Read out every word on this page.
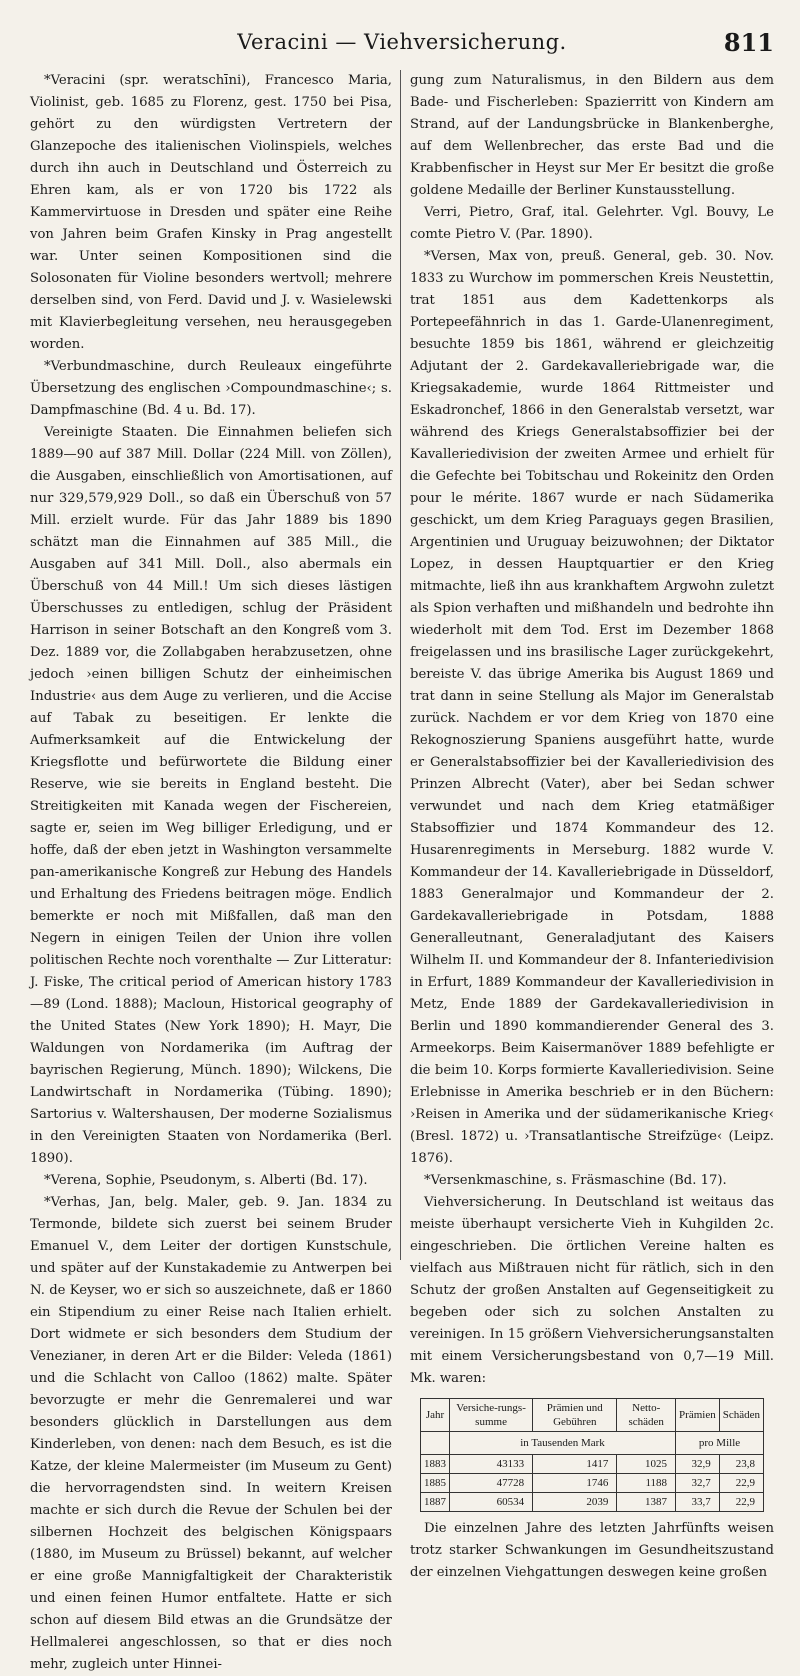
Veracini — Viehversicherung.	811

*Veracini (spr. weratschīni), Francesco Maria, Violinist, geb. 1685 zu Florenz, gest. 1750 bei Pisa, gehört zu den würdigsten Vertretern der Glanzepoche des italienischen Violinspiels, welches durch ihn auch in Deutschland und Österreich zu Ehren kam, als er von 1720 bis 1722 als Kammervirtuose in Dresden und später eine Reihe von Jahren beim Grafen Kinsky in Prag angestellt war. Unter seinen Kompositionen sind die Solosonaten für Violine besonders wertvoll; mehrere derselben sind, von Ferd. David und J. v. Wasielewski mit Klavierbegleitung versehen, neu herausgegeben worden.

*Verbundmaschine, durch Reuleaux eingeführte Übersetzung des englischen ›Compoundmaschine‹; s. Dampfmaschine (Bd. 4 u. Bd. 17).

Vereinigte Staaten. Die Einnahmen beliefen sich 1889—90 auf 387 Mill. Dollar (224 Mill. von Zöllen), die Ausgaben, einschließlich von Amortisationen, auf nur 329,579,929 Doll., so daß ein Überschuß von 57 Mill. erzielt wurde. Für das Jahr 1889 bis 1890 schätzt man die Einnahmen auf 385 Mill., die Ausgaben auf 341 Mill. Doll., also abermals ein Überschuß von 44 Mill.! Um sich dieses lästigen Überschusses zu entledigen, schlug der Präsident Harrison in seiner Botschaft an den Kongreß vom 3. Dez. 1889 vor, die Zollabgaben herabzusetzen, ohne jedoch ›einen billigen Schutz der einheimischen Industrie‹ aus dem Auge zu verlieren, und die Accise auf Tabak zu beseitigen. Er lenkte die Aufmerksamkeit auf die Entwickelung der Kriegsflotte und befürwortete die Bildung einer Reserve, wie sie bereits in England besteht. Die Streitigkeiten mit Kanada wegen der Fischereien, sagte er, seien im Weg billiger Erledigung, und er hoffe, daß der eben jetzt in Washington versammelte pan-amerikanische Kongreß zur Hebung des Handels und Erhaltung des Friedens beitragen möge. Endlich bemerkte er noch mit Mißfallen, daß man den Negern in einigen Teilen der Union ihre vollen politischen Rechte noch vorenthalte — Zur Litteratur: J. Fiske, The critical period of American history 1783—89 (Lond. 1888); Macloun, Historical geography of the United States (New York 1890); H. Mayr, Die Waldungen von Nordamerika (im Auftrag der bayrischen Regierung, Münch. 1890); Wilckens, Die Landwirtschaft in Nordamerika (Tübing. 1890); Sartorius v. Waltershausen, Der moderne Sozialismus in den Vereinigten Staaten von Nordamerika (Berl. 1890).

*Verena, Sophie, Pseudonym, s. Alberti (Bd. 17).

*Verhas, Jan, belg. Maler, geb. 9. Jan. 1834 zu Termonde, bildete sich zuerst bei seinem Bruder Emanuel V., dem Leiter der dortigen Kunstschule, und später auf der Kunstakademie zu Antwerpen bei N. de Keyser, wo er sich so auszeichnete, daß er 1860 ein Stipendium zu einer Reise nach Italien erhielt. Dort widmete er sich besonders dem Studium der Venezianer, in deren Art er die Bilder: Veleda (1861) und die Schlacht von Calloo (1862) malte. Später bevorzugte er mehr die Genremalerei und war besonders glücklich in Darstellungen aus dem Kinderleben, von denen: nach dem Besuch, es ist die Katze, der kleine Malermeister (im Museum zu Gent) die hervorragendsten sind. In weitern Kreisen machte er sich durch die Revue der Schulen bei der silbernen Hochzeit des belgischen Königspaars (1880, im Museum zu Brüssel) bekannt, auf welcher er eine große Mannigfaltigkeit der Charakteristik und einen feinen Humor entfaltete. Hatte er sich schon auf diesem Bild etwas an die Grundsätze der Hellmalerei angeschlossen, so that er dies noch mehr, zugleich unter Hinnei-

gung zum Naturalismus, in den Bildern aus dem Bade- und Fischerleben: Spazierritt von Kindern am Strand, auf der Landungsbrücke in Blankenberghe, auf dem Wellenbrecher, das erste Bad und die Krabbenfischer in Heyst sur Mer Er besitzt die große goldene Medaille der Berliner Kunstausstellung.

Verri, Pietro, Graf, ital. Gelehrter. Vgl. Bouvy, Le comte Pietro V. (Par. 1890).

*Versen, Max von, preuß. General, geb. 30. Nov. 1833 zu Wurchow im pommerschen Kreis Neustettin, trat 1851 aus dem Kadettenkorps als Portepeefähnrich in das 1. Garde-Ulanenregiment, besuchte 1859 bis 1861, während er gleichzeitig Adjutant der 2. Gardekavalleriebrigade war, die Kriegsakademie, wurde 1864 Rittmeister und Eskadronchef, 1866 in den Generalstab versetzt, war während des Kriegs Generalstabsoffizier bei der Kavalleriedivision der zweiten Armee und erhielt für die Gefechte bei Tobitschau und Rokeinitz den Orden pour le mérite. 1867 wurde er nach Südamerika geschickt, um dem Krieg Paraguays gegen Brasilien, Argentinien und Uruguay beizuwohnen; der Diktator Lopez, in dessen Hauptquartier er den Krieg mitmachte, ließ ihn aus krankhaftem Argwohn zuletzt als Spion verhaften und mißhandeln und bedrohte ihn wiederholt mit dem Tod. Erst im Dezember 1868 freigelassen und ins brasilische Lager zurückgekehrt, bereiste V. das übrige Amerika bis August 1869 und trat dann in seine Stellung als Major im Generalstab zurück. Nachdem er vor dem Krieg von 1870 eine Rekognoszierung Spaniens ausgeführt hatte, wurde er Generalstabsoffizier bei der Kavalleriedivision des Prinzen Albrecht (Vater), aber bei Sedan schwer verwundet und nach dem Krieg etatmäßiger Stabsoffizier und 1874 Kommandeur des 12. Husarenregiments in Merseburg. 1882 wurde V. Kommandeur der 14. Kavalleriebrigade in Düsseldorf, 1883 Generalmajor und Kommandeur der 2. Gardekavalleriebrigade in Potsdam, 1888 Generalleutnant, Generaladjutant des Kaisers Wilhelm II. und Kommandeur der 8. Infanteriedivision in Erfurt, 1889 Kommandeur der Kavalleriedivision in Metz, Ende 1889 der Gardekavalleriedivision in Berlin und 1890 kommandierender General des 3. Armeekorps. Beim Kaisermanöver 1889 befehligte er die beim 10. Korps formierte Kavalleriedivision. Seine Erlebnisse in Amerika beschrieb er in den Büchern: ›Reisen in Amerika und der südamerikanische Krieg‹ (Bresl. 1872) u. ›Transatlantische Streifzüge‹ (Leipz. 1876).

*Versenkmaschine, s. Fräsmaschine (Bd. 17).

Viehversicherung. In Deutschland ist weitaus das meiste überhaupt versicherte Vieh in Kuhgilden 2c. eingeschrieben. Die örtlichen Vereine halten es vielfach aus Mißtrauen nicht für rätlich, sich in den Schutz der großen Anstalten auf Gegenseitigkeit zu begeben oder sich zu solchen Anstalten zu vereinigen. In 15 größern Viehversicherungsanstalten mit einem Versicherungsbestand von 0,7—19 Mill. Mk. waren:

Jahr	Versiche-rungs-summe	Prämien und Gebühren	Netto-schäden	Prämien	Schäden
	in Tausenden Mark			pro Mille	
1883	43133	1417	1025	32,9	23,8
1885	47728	1746	1188	32,7	22,9
1887	60534	2039	1387	33,7	22,9

Die einzelnen Jahre des letzten Jahrfünfts weisen trotz starker Schwankungen im Gesundheitszustand der einzelnen Viehgattungen deswegen keine großen
